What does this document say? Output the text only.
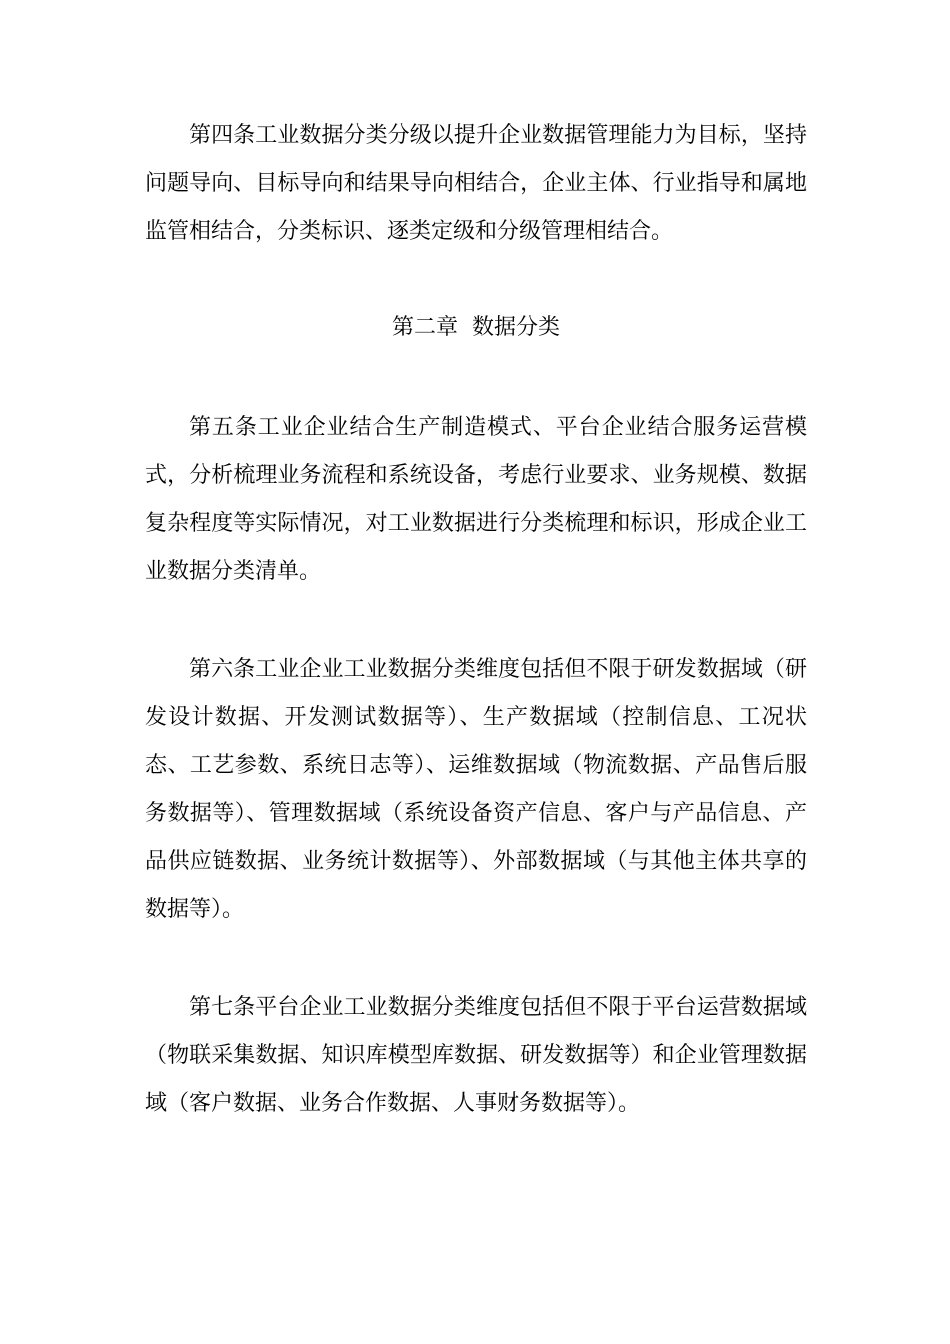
第四条工业数据分类分级以提升企业数据管理能力为目标，坚持问题导向、目标导向和结果导向相结合，企业主体、行业指导和属地监管相结合，分类标识、逐类定级和分级管理相结合。

第二章  数据分类

第五条工业企业结合生产制造模式、平台企业结合服务运营模式，分析梳理业务流程和系统设备，考虑行业要求、业务规模、数据复杂程度等实际情况，对工业数据进行分类梳理和标识，形成企业工业数据分类清单。

第六条工业企业工业数据分类维度包括但不限于研发数据域（研发设计数据、开发测试数据等）、生产数据域（控制信息、工况状态、工艺参数、系统日志等）、运维数据域（物流数据、产品售后服务数据等）、管理数据域（系统设备资产信息、客户与产品信息、产品供应链数据、业务统计数据等）、外部数据域（与其他主体共享的数据等）。

第七条平台企业工业数据分类维度包括但不限于平台运营数据域（物联采集数据、知识库模型库数据、研发数据等）和企业管理数据域（客户数据、业务合作数据、人事财务数据等）。
